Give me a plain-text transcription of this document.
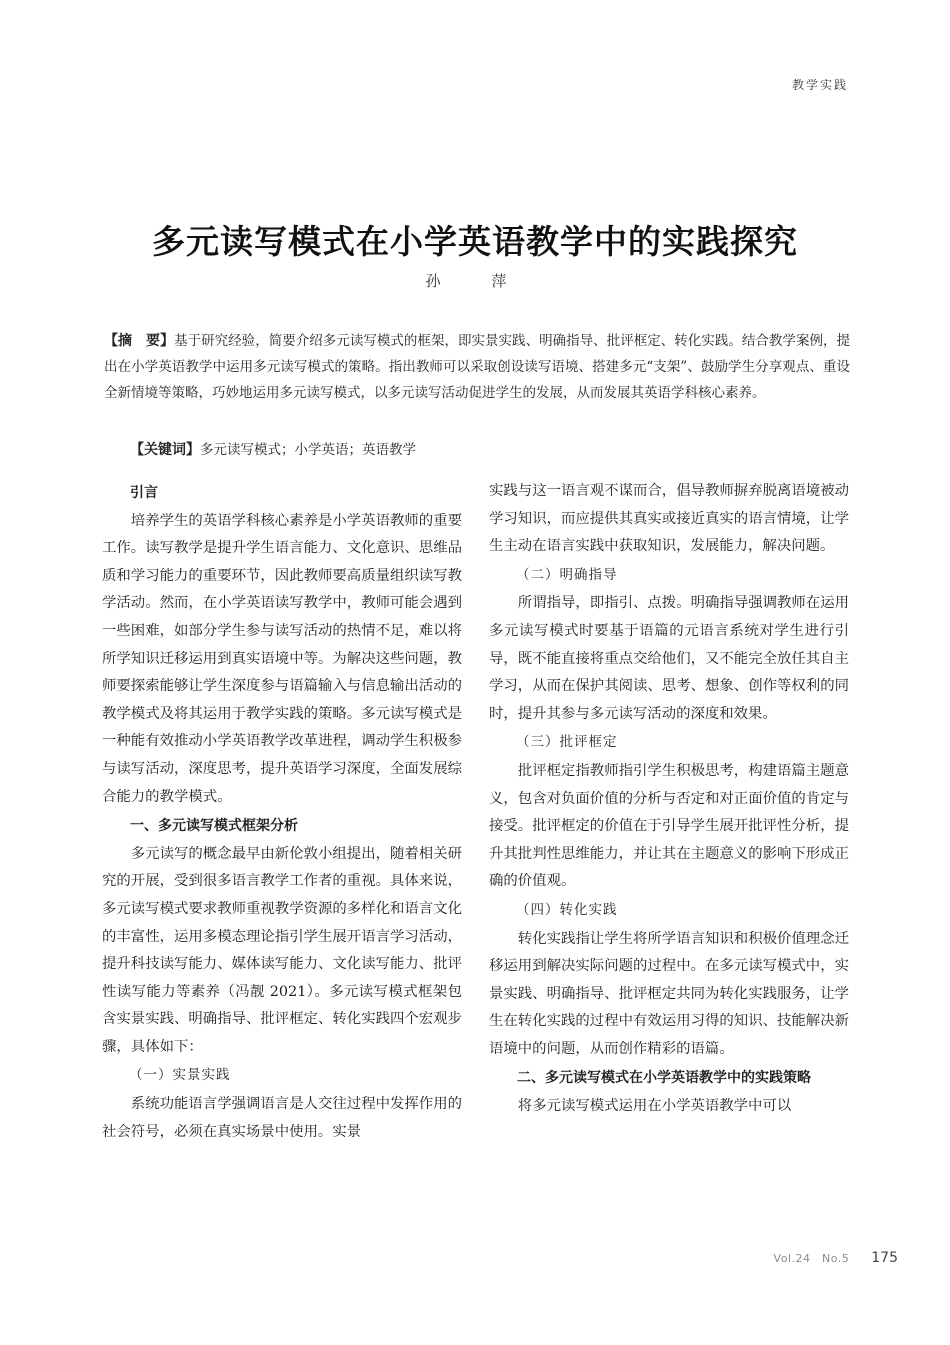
教学实践
多元读写模式在小学英语教学中的实践探究
孙　萍

【摘　要】基于研究经验，简要介绍多元读写模式的框架，即实景实践、明确指导、批评框定、转化实践。结合教学案例，提出在小学英语教学中运用多元读写模式的策略。指出教师可以采取创设读写语境、搭建多元“支架”、鼓励学生分享观点、重设全新情境等策略，巧妙地运用多元读写模式，以多元读写活动促进学生的发展，从而发展其英语学科核心素养。

【关键词】多元读写模式；小学英语；英语教学

引言

培养学生的英语学科核心素养是小学英语教师的重要工作。读写教学是提升学生语言能力、文化意识、思维品质和学习能力的重要环节，因此教师要高质量组织读写教学活动。然而，在小学英语读写教学中，教师可能会遇到一些困难，如部分学生参与读写活动的热情不足，难以将所学知识迁移运用到真实语境中等。为解决这些问题，教师要探索能够让学生深度参与语篇输入与信息输出活动的教学模式及将其运用于教学实践的策略。多元读写模式是一种能有效推动小学英语教学改革进程，调动学生积极参与读写活动，深度思考，提升英语学习深度，全面发展综合能力的教学模式。

一、多元读写模式框架分析

多元读写的概念最早由新伦敦小组提出，随着相关研究的开展，受到很多语言教学工作者的重视。具体来说，多元读写模式要求教师重视教学资源的多样化和语言文化的丰富性，运用多模态理论指引学生展开语言学习活动，提升科技读写能力、媒体读写能力、文化读写能力、批评性读写能力等素养（冯靓 2021）。多元读写模式框架包含实景实践、明确指导、批评框定、转化实践四个宏观步骤，具体如下：

（一）实景实践

系统功能语言学强调语言是人交往过程中发挥作用的社会符号，必须在真实场景中使用。实景

实践与这一语言观不谋而合，倡导教师摒弃脱离语境被动学习知识，而应提供其真实或接近真实的语言情境，让学生主动在语言实践中获取知识，发展能力，解决问题。

（二）明确指导

所谓指导，即指引、点拨。明确指导强调教师在运用多元读写模式时要基于语篇的元语言系统对学生进行引导，既不能直接将重点交给他们，又不能完全放任其自主学习，从而在保护其阅读、思考、想象、创作等权利的同时，提升其参与多元读写活动的深度和效果。

（三）批评框定

批评框定指教师指引学生积极思考，构建语篇主题意义，包含对负面价值的分析与否定和对正面价值的肯定与接受。批评框定的价值在于引导学生展开批评性分析，提升其批判性思维能力，并让其在主题意义的影响下形成正确的价值观。

（四）转化实践

转化实践指让学生将所学语言知识和积极价值理念迁移运用到解决实际问题的过程中。在多元读写模式中，实景实践、明确指导、批评框定共同为转化实践服务，让学生在转化实践的过程中有效运用习得的知识、技能解决新语境中的问题，从而创作精彩的语篇。

二、多元读写模式在小学英语教学中的实践策略

将多元读写模式运用在小学英语教学中可以

Vol.24　No.5 175
